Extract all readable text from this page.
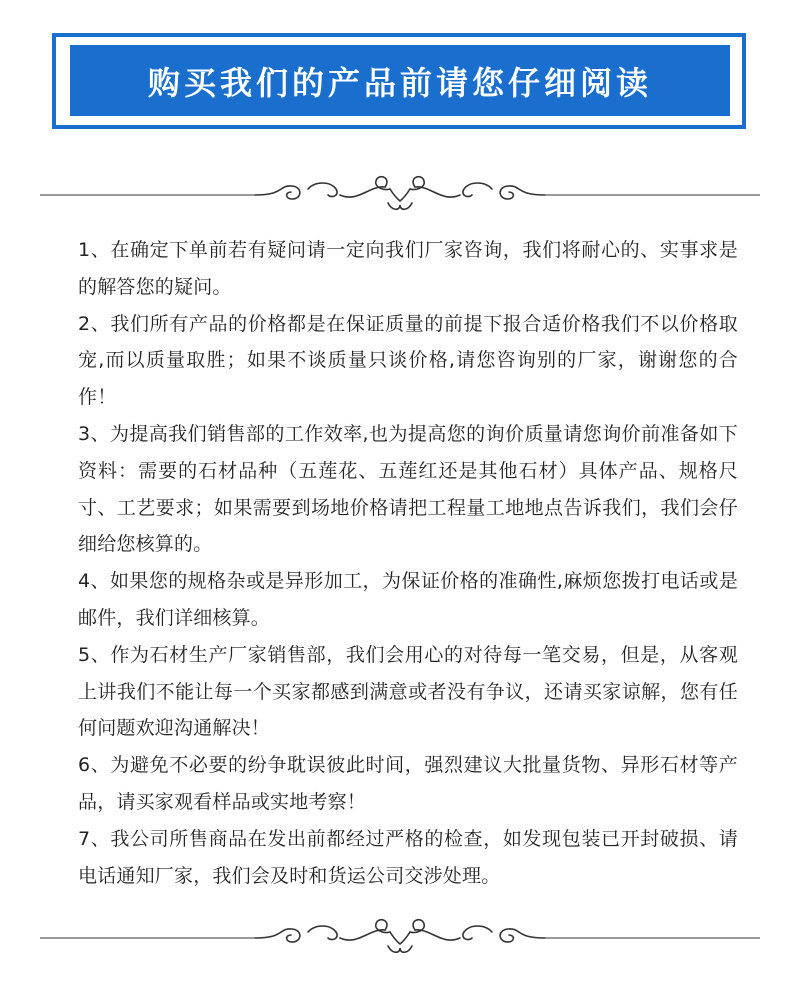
购买我们的产品前请您仔细阅读

1、在确定下单前若有疑问请一定向我们厂家咨询，我们将耐心的、实事求是的解答您的疑问。

2、我们所有产品的价格都是在保证质量的前提下报合适价格我们不以价格取宠,而以质量取胜；如果不谈质量只谈价格,请您咨询别的厂家，谢谢您的合作！

3、为提高我们销售部的工作效率,也为提高您的询价质量请您询价前准备如下资料：需要的石材品种（五莲花、五莲红还是其他石材）具体产品、规格尺寸、工艺要求；如果需要到场地价格请把工程量工地地点告诉我们，我们会仔细给您核算的。

4、如果您的规格杂或是异形加工，为保证价格的准确性,麻烦您拨打电话或是邮件，我们详细核算。

5、作为石材生产厂家销售部，我们会用心的对待每一笔交易，但是，从客观上讲我们不能让每一个买家都感到满意或者没有争议，还请买家谅解，您有任何问题欢迎沟通解决！

6、为避免不必要的纷争耽误彼此时间，强烈建议大批量货物、异形石材等产品，请买家观看样品或实地考察！

7、我公司所售商品在发出前都经过严格的检查，如发现包装已开封破损、请电话通知厂家，我们会及时和货运公司交涉处理。
